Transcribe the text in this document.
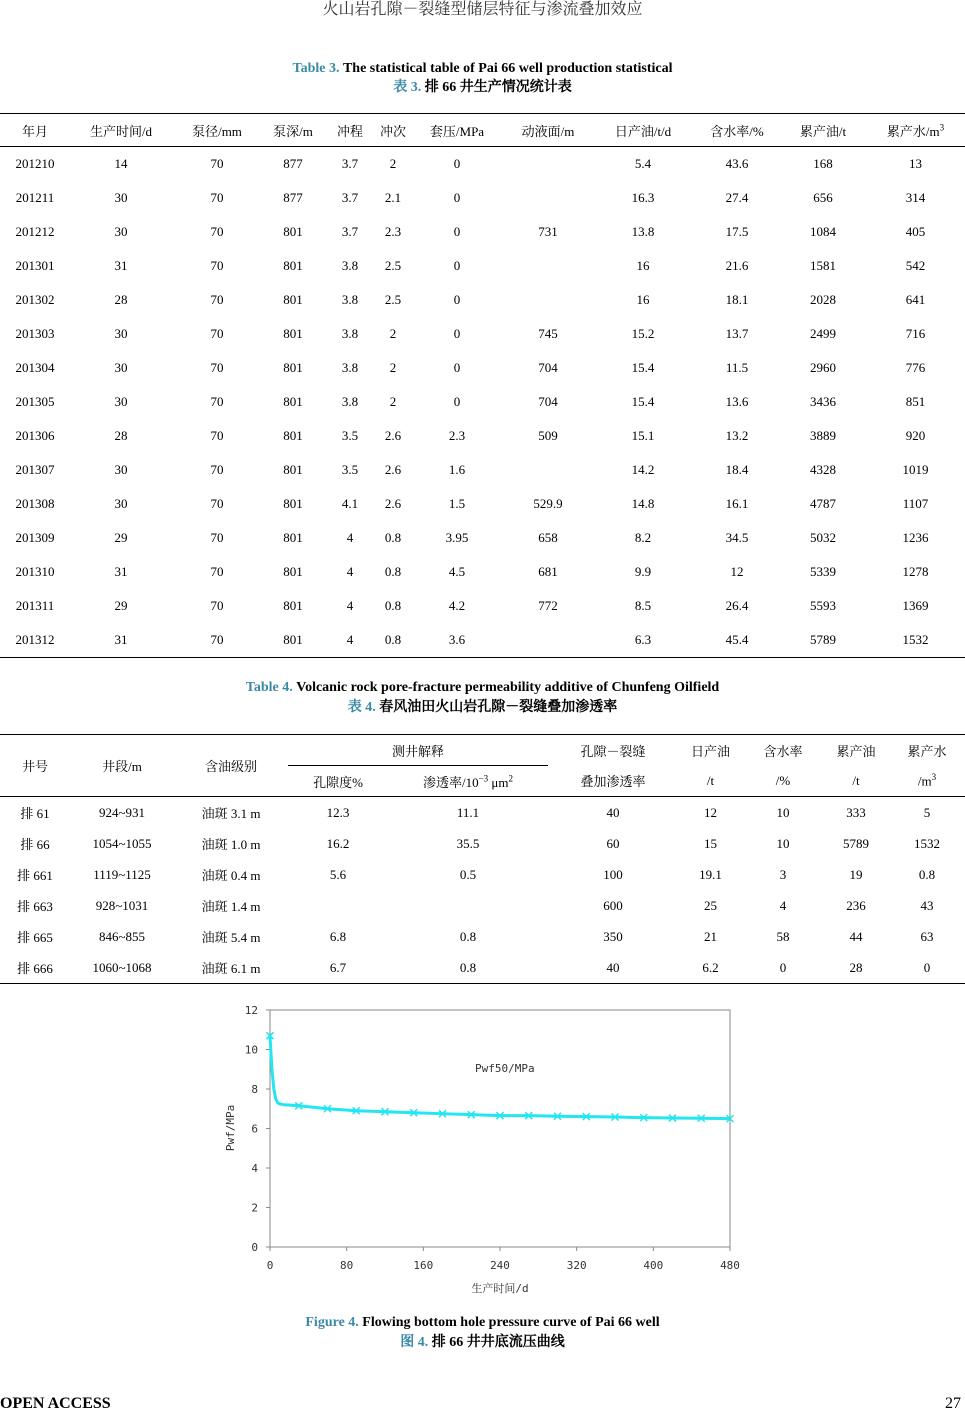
火山岩孔隙－裂缝型储层特征与渗流叠加效应
Table 3. The statistical table of Pai 66 well production statistical
表 3. 排 66 井生产情况统计表
年月	生产时间/d	泵径/mm	泵深/m	冲程	冲次	套压/MPa	动液面/m	日产油/t/d	含水率/%	累产油/t	累产水$/m^3$
201210	14	70	877	3.7	2	0		5.4	43.6	168	13
201211	30	70	877	3.7	2.1	0		16.3	27.4	656	314
201212	30	70	801	3.7	2.3	0	731	13.8	17.5	1084	405
201301	31	70	801	3.8	2.5	0		16	21.6	1581	542
201302	28	70	801	3.8	2.5	0		16	18.1	2028	641
201303	30	70	801	3.8	2	0	745	15.2	13.7	2499	716
201304	30	70	801	3.8	2	0	704	15.4	11.5	2960	776
201305	30	70	801	3.8	2	0	704	15.4	13.6	3436	851
201306	28	70	801	3.5	2.6	2.3	509	15.1	13.2	3889	920
201307	30	70	801	3.5	2.6	1.6		14.2	18.4	4328	1019
201308	30	70	801	4.1	2.6	1.5	529.9	14.8	16.1	4787	1107
201309	29	70	801	4	0.8	3.95	658	8.2	34.5	5032	1236
201310	31	70	801	4	0.8	4.5	681	9.9	12	5339	1278
201311	29	70	801	4	0.8	4.2	772	8.5	26.4	5593	1369
201312	31	70	801	4	0.8	3.6		6.3	45.4	5789	1532
Table 4. Volcanic rock pore-fracture permeability additive of Chunfeng Oilfield
表 4. 春风油田火山岩孔隙－裂缝叠加渗透率
井号	井段/m	含油级别	测井解释		孔隙－裂缝	日产油	含水率	累产油	累产水
			孔隙度%	渗透率$/10^{-3}$ $\mu m^2$	叠加渗透率	/t	/%	/t	$/m^3$
排 61	924~931	油斑 3.1 m	12.3	11.1	40	12	10	333	5
排 66	1054~1055	油斑 1.0 m	16.2	35.5	60	15	10	5789	1532
排 661	1119~1125	油斑 0.4 m	5.6	0.5	100	19.1	3	19	0.8
排 663	928~1031	油斑 1.4 m			600	25	4	236	43
排 665	846~855	油斑 5.4 m	6.8	0.8	350	21	58	44	63
排 666	1060~1068	油斑 6.1 m	6.7	0.8	40	6.2	0	28	0
Pwf/MPa
生产时间/d
Pwf50/MPa
0	80	160	240	320	400	480
0
2
4
6
8
10
12
Figure 4. Flowing bottom hole pressure curve of Pai 66 well
图 4. 排 66 井井底流压曲线
OPEN ACCESS	27
